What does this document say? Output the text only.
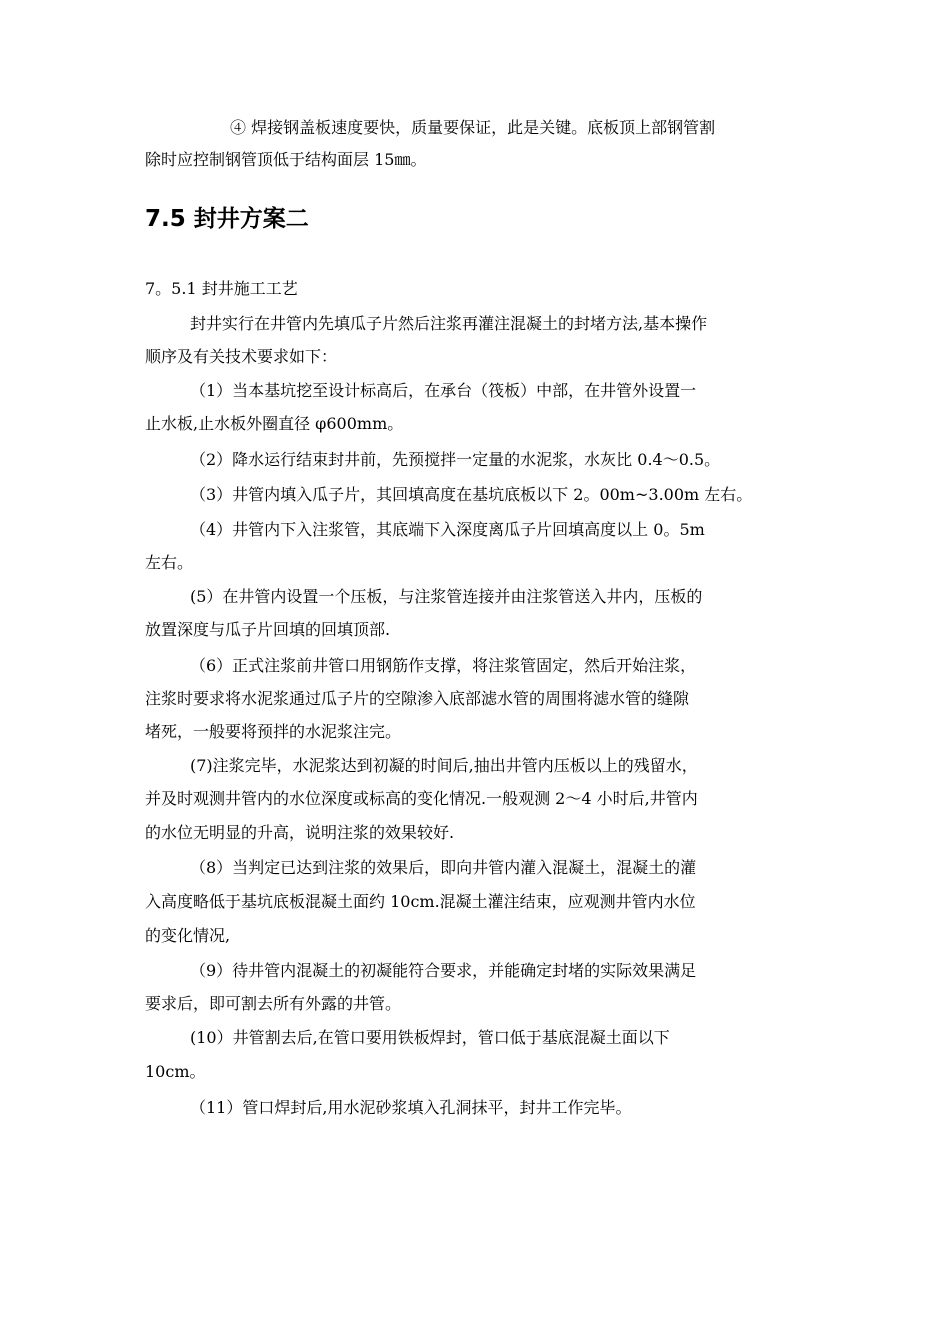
④ 焊接钢盖板速度要快，质量要保证，此是关键。底板顶上部钢管割
除时应控制钢管顶低于结构面层 15㎜。
7.5 封井方案二
7。5.1 封井施工工艺
封井实行在井管内先填瓜子片然后注浆再灌注混凝土的封堵方法,基本操作
顺序及有关技术要求如下：
（1）当本基坑挖至设计标高后，在承台（筏板）中部，在井管外设置一
止水板,止水板外圈直径 φ600mm。
（2）降水运行结束封井前，先预搅拌一定量的水泥浆，水灰比 0.4～0.5。
（3）井管内填入瓜子片，其回填高度在基坑底板以下 2。00m~3.00m 左右。
（4）井管内下入注浆管，其底端下入深度离瓜子片回填高度以上 0。5m
左右。
(5）在井管内设置一个压板，与注浆管连接并由注浆管送入井内，压板的
放置深度与瓜子片回填的回填顶部.
（6）正式注浆前井管口用钢筋作支撑，将注浆管固定，然后开始注浆，
注浆时要求将水泥浆通过瓜子片的空隙渗入底部滤水管的周围将滤水管的缝隙
堵死，一般要将预拌的水泥浆注完。
(7)注浆完毕，水泥浆达到初凝的时间后,抽出井管内压板以上的残留水，
并及时观测井管内的水位深度或标高的变化情况.一般观测 2～4 小时后,井管内
的水位无明显的升高，说明注浆的效果较好.
（8）当判定已达到注浆的效果后，即向井管内灌入混凝土，混凝土的灌
入高度略低于基坑底板混凝土面约 10cm.混凝土灌注结束，应观测井管内水位
的变化情况,
（9）待井管内混凝土的初凝能符合要求，并能确定封堵的实际效果满足
要求后，即可割去所有外露的井管。
(10）井管割去后,在管口要用铁板焊封，管口低于基底混凝土面以下
10cm。
（11）管口焊封后,用水泥砂浆填入孔洞抹平，封井工作完毕。
